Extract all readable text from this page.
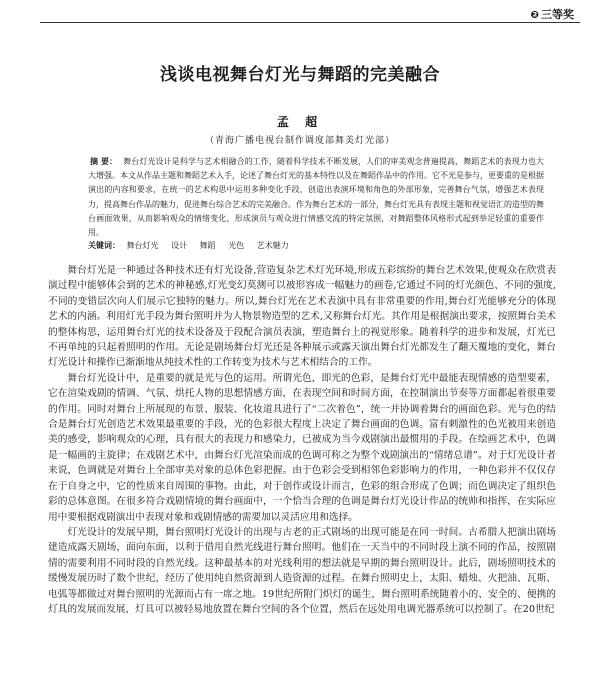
❷ 三等奖
浅谈电视舞台灯光与舞蹈的完美融合
孟 超
（青海广播电视台制作调度部舞美灯光部）
摘 要： 舞台灯光设计是科学与艺术相融合的工作，随着科学技术不断发展，人们的审美观念普遍提高，舞蹈艺术的表现力也大大增强。本文从作品主题和舞蹈艺术入手，论述了舞台灯光的基本特性以及在舞蹈作品中的作用。它不光是参与，更要重的是根据演出的内容和要求，在统一的艺术构思中运用多种变化手段，创造出表演环境和角色的外部形象，完善舞台气氛，增强艺术表现力，提高舞台作品的魅力，促进舞台综合艺术的完美融合。作为舞台艺术的一部分，舞台灯光具有表现主题和视觉语汇的造型的舞台画面效果，从而影响观众的情绪变化，形成演员与观众进行情感交流的特定氛围，对舞蹈整体风格形式起到举足轻重的重要作用。
关键词： 舞台灯光 设计 舞蹈 光色 艺术魅力

舞台灯光是一种通过各种技术还有灯光设备,营造复杂艺术灯光环境,形成五彩缤纷的舞台艺术效果,使观众在欣赏表演过程中能够体会到的艺术的神秘感,灯光变幻莫测可以被形容成一幅魅力的画卷,它通过不同的灯光颜色、不同的强度,不同的变错层次向人们展示它独特的魅力。所以,舞台灯光在艺术表演中具有非常重要的作用,舞台灯光能够充分的体现艺术的内涵。利用灯光手段为舞台照明并为人物景物造型的艺术,又称舞台灯光。其作用是根据演出要求，按照舞台美术的整体构思，运用舞台灯光的技术设备及于段配合演员表演，塑造舞台上的视觉形象。随着科学的进步和发展，灯光已不再单纯的只起着照明的作用。无论是剧场舞台灯光还是各种展示或露天演出舞台灯光都发生了翻天覆地的变化，舞台灯光设计和操作已渐渐地从纯技术性的工作转变为技术与艺术相结合的工作。

舞台灯光设计中，是重要的就是光与色的运用。所谓光色，即光的色彩，是舞台灯光中最能表现情感的造型要素，它在渲染戏剧的情调、气氛、烘托人物的思想情感方面，在表现空间和时间方面，在控制演出节奏等方面都起着很重要的作用。同时对舞台上所展现的布景、服装、化妆道具进行了“二次着色”，统一并协调着舞台的画面色彩。光与色的结合是舞台灯光创造艺术效果最重要的手段，光的色彩很大程度上决定了舞台画面的色调。富有刺激性的色光被用来创造美的感受，影响观众的心理，具有很大的表现力和感染力，已被成为当今戏剧演出最惯用的手段。在绘画艺术中，色调是一幅画的主旋律；在戏剧艺术中，由舞台灯光渲染而成的色调可称之为整个戏剧演出的“情绪总谱”。对于灯光设计者来说，色调就是对舞台上全部审美对象的总体色彩把握。由于色彩会受到相邻色彩影响力的作用，一种色彩并不仅仅存在于自身之中，它的性质来自周围的事物。由此，对于创作或设计而言，色彩的组合形成了色调；而色调决定了组织色彩的总体意图。在很多符合戏剧情境的舞台画面中，一个恰当合理的色调是舞台灯光设计作品的统帅和指挥，在实际应用中要根据戏剧演出中表现对象和戏剧情感的需要加以灵活应用和选择。

灯光设计的发展早期，舞台照明灯光设计的出现与古老的正式剧场的出现可能是在同一时间。古希腊人把演出剧场建造成露天剧场，面向东面，以利于借用自然光线进行舞台照明。他们在一天当中的不同时段上演不同的作品，按照剧情的需要利用不同时段的自然光线。这种最基本的对光线利用的想法就是早期的舞台照明设计。此后，剧场照明技术的缓慢发展历时了数个世纪，经历了使用纯自然资源到人造资源的过程。在舞台照明史上，太阳、蜡烛、火把油、瓦斯、电弧等都做过对舞台照明的光源而占有一席之地。19世纪所附门炽灯的诞生，舞台照明系统随着小的、安全的、便携的灯具的发展而发展，灯具可以被轻易地放置在舞台空间的各个位置，然后在远处用电调光器系统可以控制了。在20世纪
